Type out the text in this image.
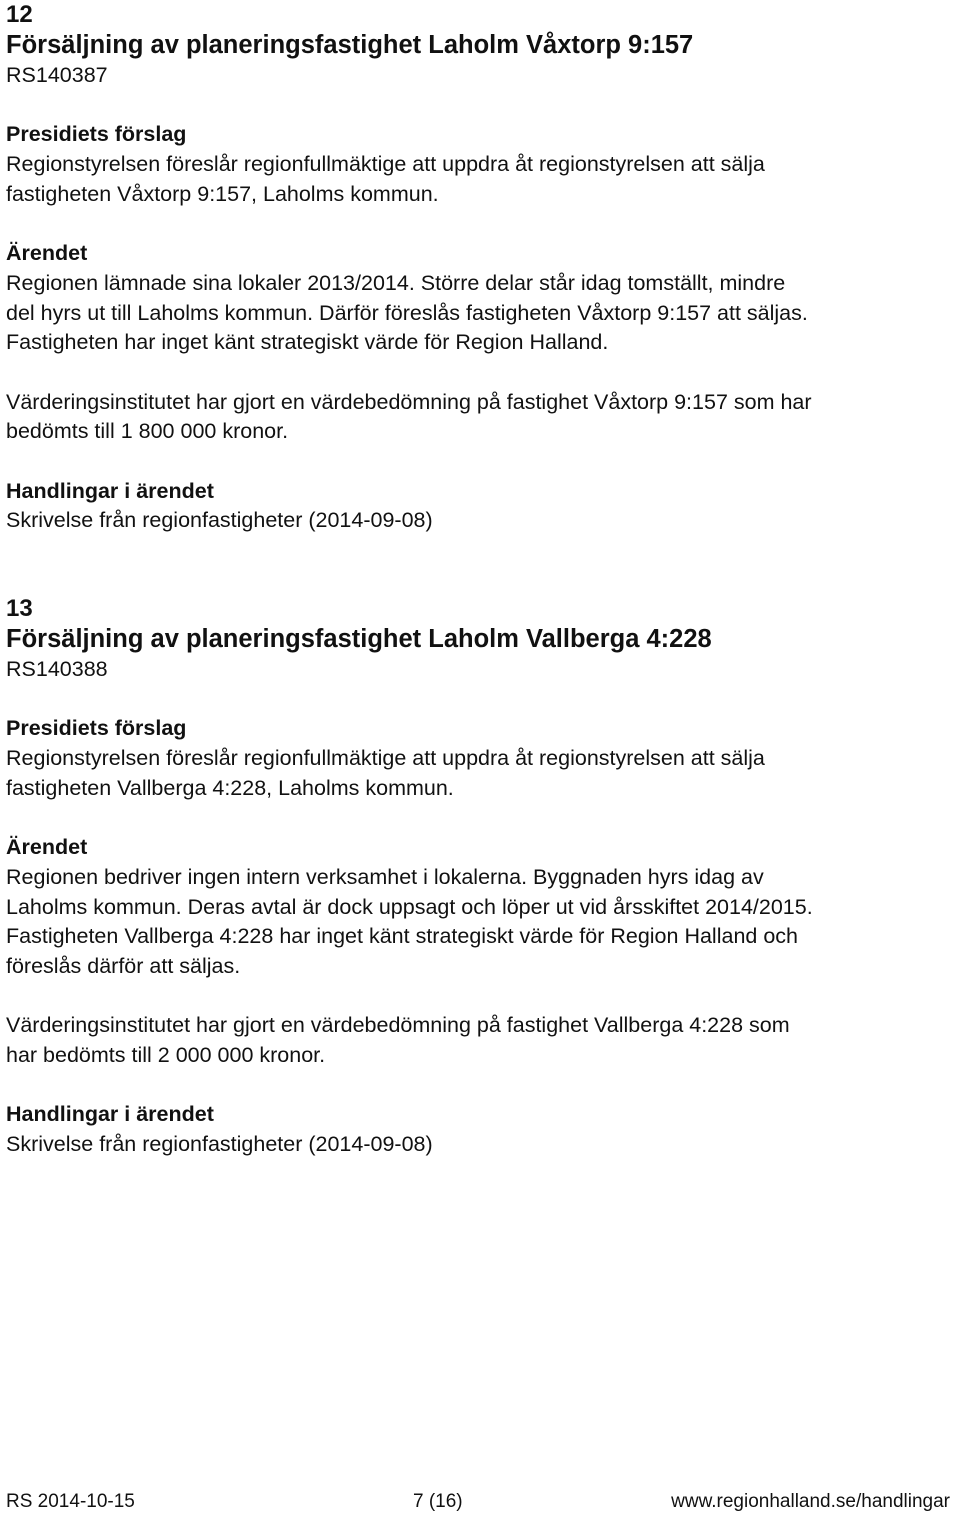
12

Försäljning av planeringsfastighet Laholm Våxtorp 9:157

RS140387

Presidiets förslag

Regionstyrelsen föreslår regionfullmäktige att uppdra åt regionstyrelsen att sälja

fastigheten Våxtorp 9:157, Laholms kommun.

Ärendet

Regionen lämnade sina lokaler 2013/2014. Större delar står idag tomställt, mindre

del hyrs ut till Laholms kommun. Därför föreslås fastigheten Våxtorp 9:157 att säljas.

Fastigheten har inget känt strategiskt värde för Region Halland.

Värderingsinstitutet har gjort en värdebedömning på fastighet Våxtorp 9:157 som har

bedömts till 1 800 000 kronor.

Handlingar i ärendet

Skrivelse från regionfastigheter (2014-09-08)

13

Försäljning av planeringsfastighet Laholm Vallberga 4:228

RS140388

Presidiets förslag

Regionstyrelsen föreslår regionfullmäktige att uppdra åt regionstyrelsen att sälja

fastigheten Vallberga 4:228, Laholms kommun.

Ärendet

Regionen bedriver ingen intern verksamhet i lokalerna. Byggnaden hyrs idag av

Laholms kommun. Deras avtal är dock uppsagt och löper ut vid årsskiftet 2014/2015.

Fastigheten Vallberga 4:228 har inget känt strategiskt värde för Region Halland och

föreslås därför att säljas.

Värderingsinstitutet har gjort en värdebedömning på fastighet Vallberga 4:228 som

har bedömts till 2 000 000 kronor.

Handlingar i ärendet

Skrivelse från regionfastigheter (2014-09-08)

RS 2014-10-15	7 (16)	www.regionhalland.se/handlingar
